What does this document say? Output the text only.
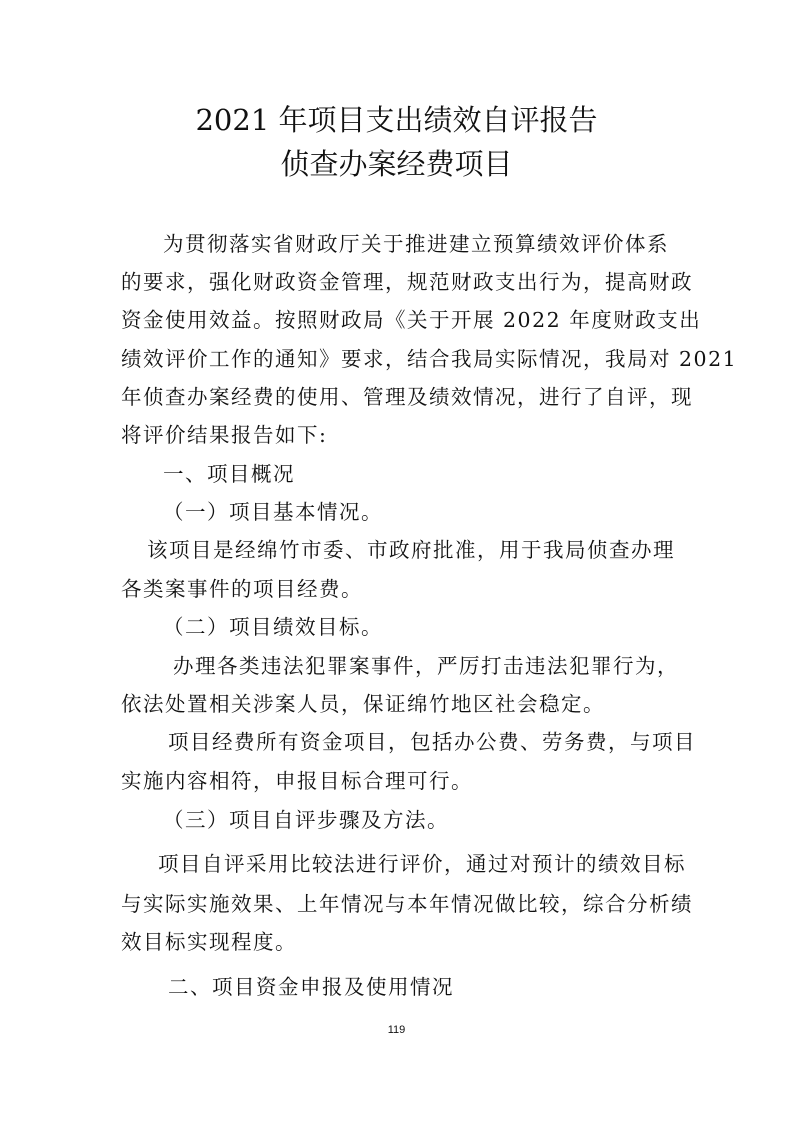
2021 年项目支出绩效自评报告
侦查办案经费项目
为贯彻落实省财政厅关于推进建立预算绩效评价体系
的要求，强化财政资金管理，规范财政支出行为，提高财政
资金使用效益。按照财政局《关于开展 2022 年度财政支出
绩效评价工作的通知》要求，结合我局实际情况，我局对 2021
年侦查办案经费的使用、管理及绩效情况，进行了自评，现
将评价结果报告如下:
一、项目概况
（一）项目基本情况。
该项目是经绵竹市委、市政府批准，用于我局侦查办理
各类案事件的项目经费。
（二）项目绩效目标。
办理各类违法犯罪案事件，严厉打击违法犯罪行为，
依法处置相关涉案人员，保证绵竹地区社会稳定。
项目经费所有资金项目，包括办公费、劳务费，与项目
实施内容相符，申报目标合理可行。
（三）项目自评步骤及方法。
项目自评采用比较法进行评价，通过对预计的绩效目标
与实际实施效果、上年情况与本年情况做比较，综合分析绩
效目标实现程度。
二、项目资金申报及使用情况
119
